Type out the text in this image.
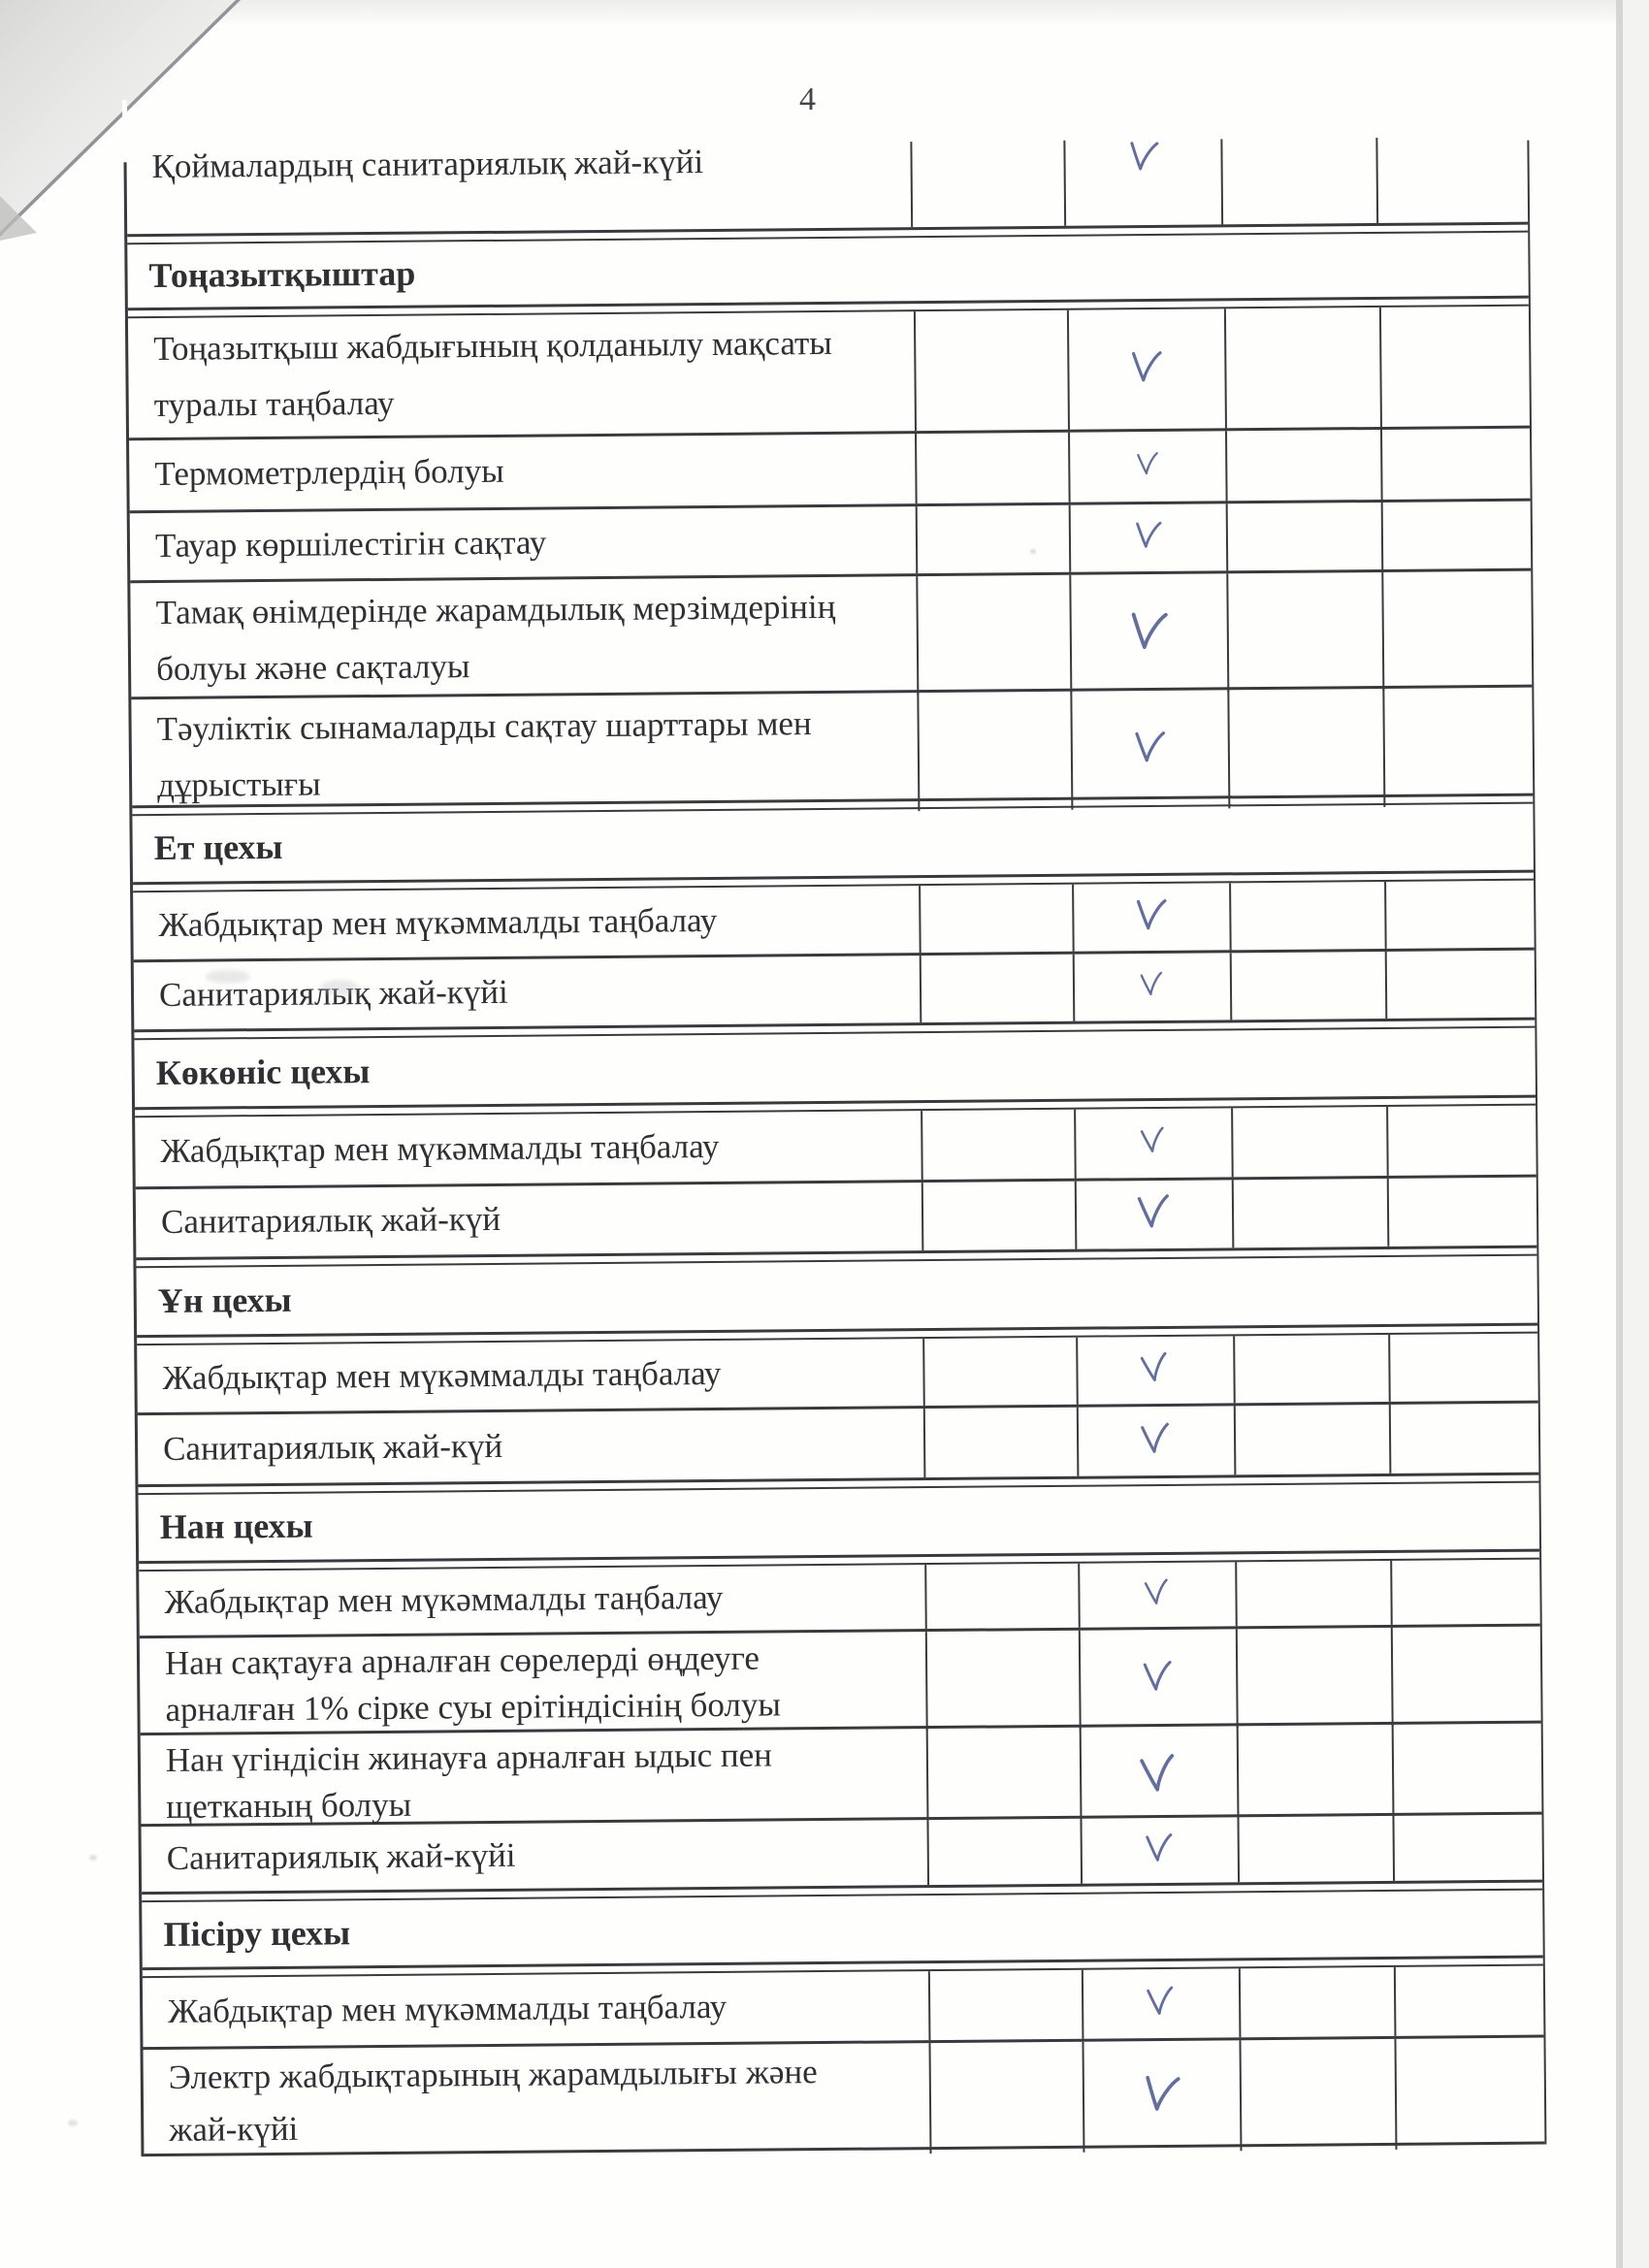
4
Қоймалардың санитариялық жай-күйі
Тоңазытқыштар
Тоңазытқыш жабдығының қолданылу мақсаты туралы таңбалау
Термометрлердің болуы
Тауар көршілестігін сақтау
Тамақ өнімдерінде жарамдылық мерзімдерінің болуы және сақталуы
Тәуліктік сынамаларды сақтау шарттары мен дұрыстығы
Ет цехы
Жабдықтар мен мүкәммалды таңбалау
Санитариялық жай-күйі
Көкөніс цехы
Жабдықтар мен мүкәммалды таңбалау
Санитариялық жай-күй
Ұн цехы
Жабдықтар мен мүкәммалды таңбалау
Санитариялық жай-күй
Нан цехы
Жабдықтар мен мүкәммалды таңбалау
Нан сақтауға арналған сөрелерді өңдеуге арналған 1% сірке суы ерітіндісінің болуы
Нан үгіндісін жинауға арналған ыдыс пен щетканың болуы
Санитариялық жай-күйі
Пісіру цехы
Жабдықтар мен мүкәммалды таңбалау
Электр жабдықтарының жарамдылығы және жай-күйі
